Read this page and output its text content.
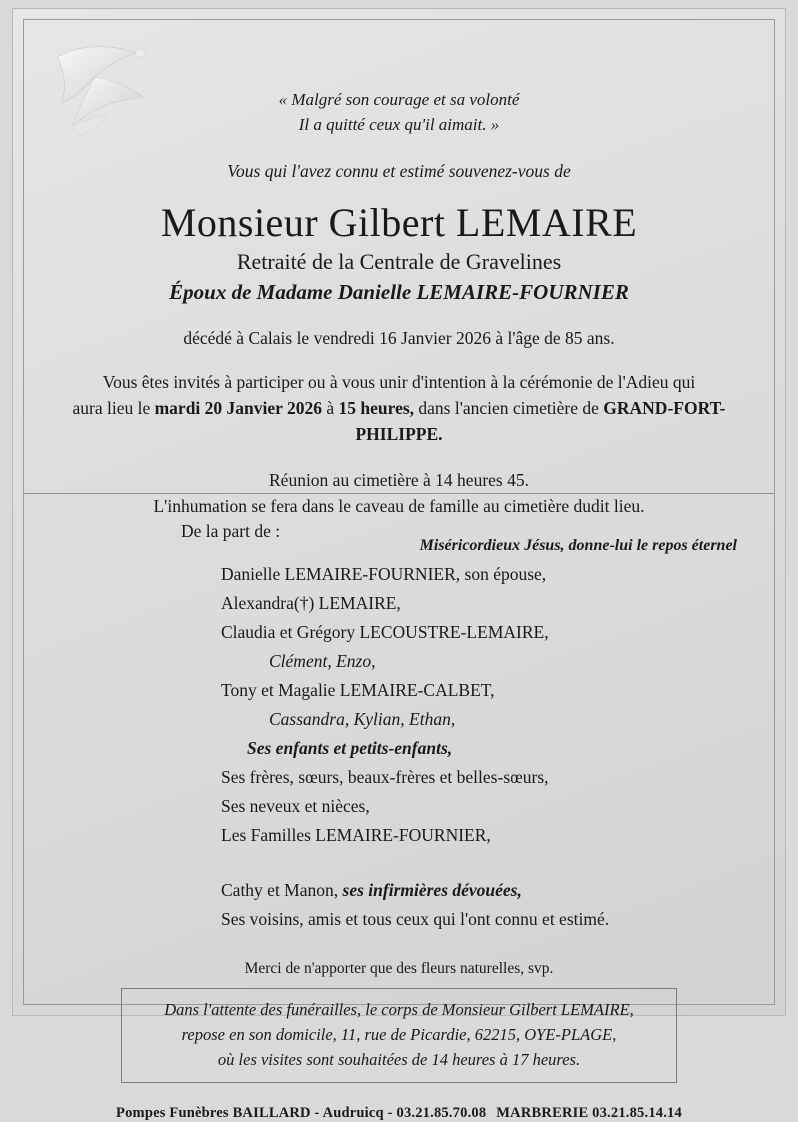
« Malgré son courage et sa volonté
Il a quitté ceux qu'il aimait. »
Vous qui l'avez connu et estimé souvenez-vous de
Monsieur Gilbert LEMAIRE
Retraité de la Centrale de Gravelines
Époux de Madame Danielle LEMAIRE-FOURNIER
décédé à Calais le vendredi 16 Janvier 2026 à l'âge de 85 ans.
Vous êtes invités à participer ou à vous unir d'intention à la cérémonie de l'Adieu qui
aura lieu le mardi 20 Janvier 2026 à 15 heures, dans l'ancien cimetière de GRAND-FORT-PHILIPPE.
Réunion au cimetière à 14 heures 45.
L'inhumation se fera dans le caveau de famille au cimetière dudit lieu.
Miséricordieux Jésus, donne-lui le repos éternel
De la part de :
Danielle LEMAIRE-FOURNIER, son épouse,
Alexandra(†) LEMAIRE,
Claudia et Grégory LECOUSTRE-LEMAIRE,
Clément, Enzo,
Tony et Magalie LEMAIRE-CALBET,
Cassandra, Kylian, Ethan,
Ses enfants et petits-enfants,
Ses frères, sœurs, beaux-frères et belles-sœurs,
Ses neveux et nièces,
Les Familles LEMAIRE-FOURNIER,
Cathy et Manon, ses infirmières dévouées,
Ses voisins, amis et tous ceux qui l'ont connu et estimé.
Merci de n'apporter que des fleurs naturelles, svp.
Dans l'attente des funérailles, le corps de Monsieur Gilbert LEMAIRE,
repose en son domicile, 11, rue de Picardie, 62215, OYE-PLAGE,
où les visites sont souhaitées de 14 heures à 17 heures.
Pompes Funèbres BAILLARD - Audruicq - 03.21.85.70.08 MARBRERIE 03.21.85.14.14
